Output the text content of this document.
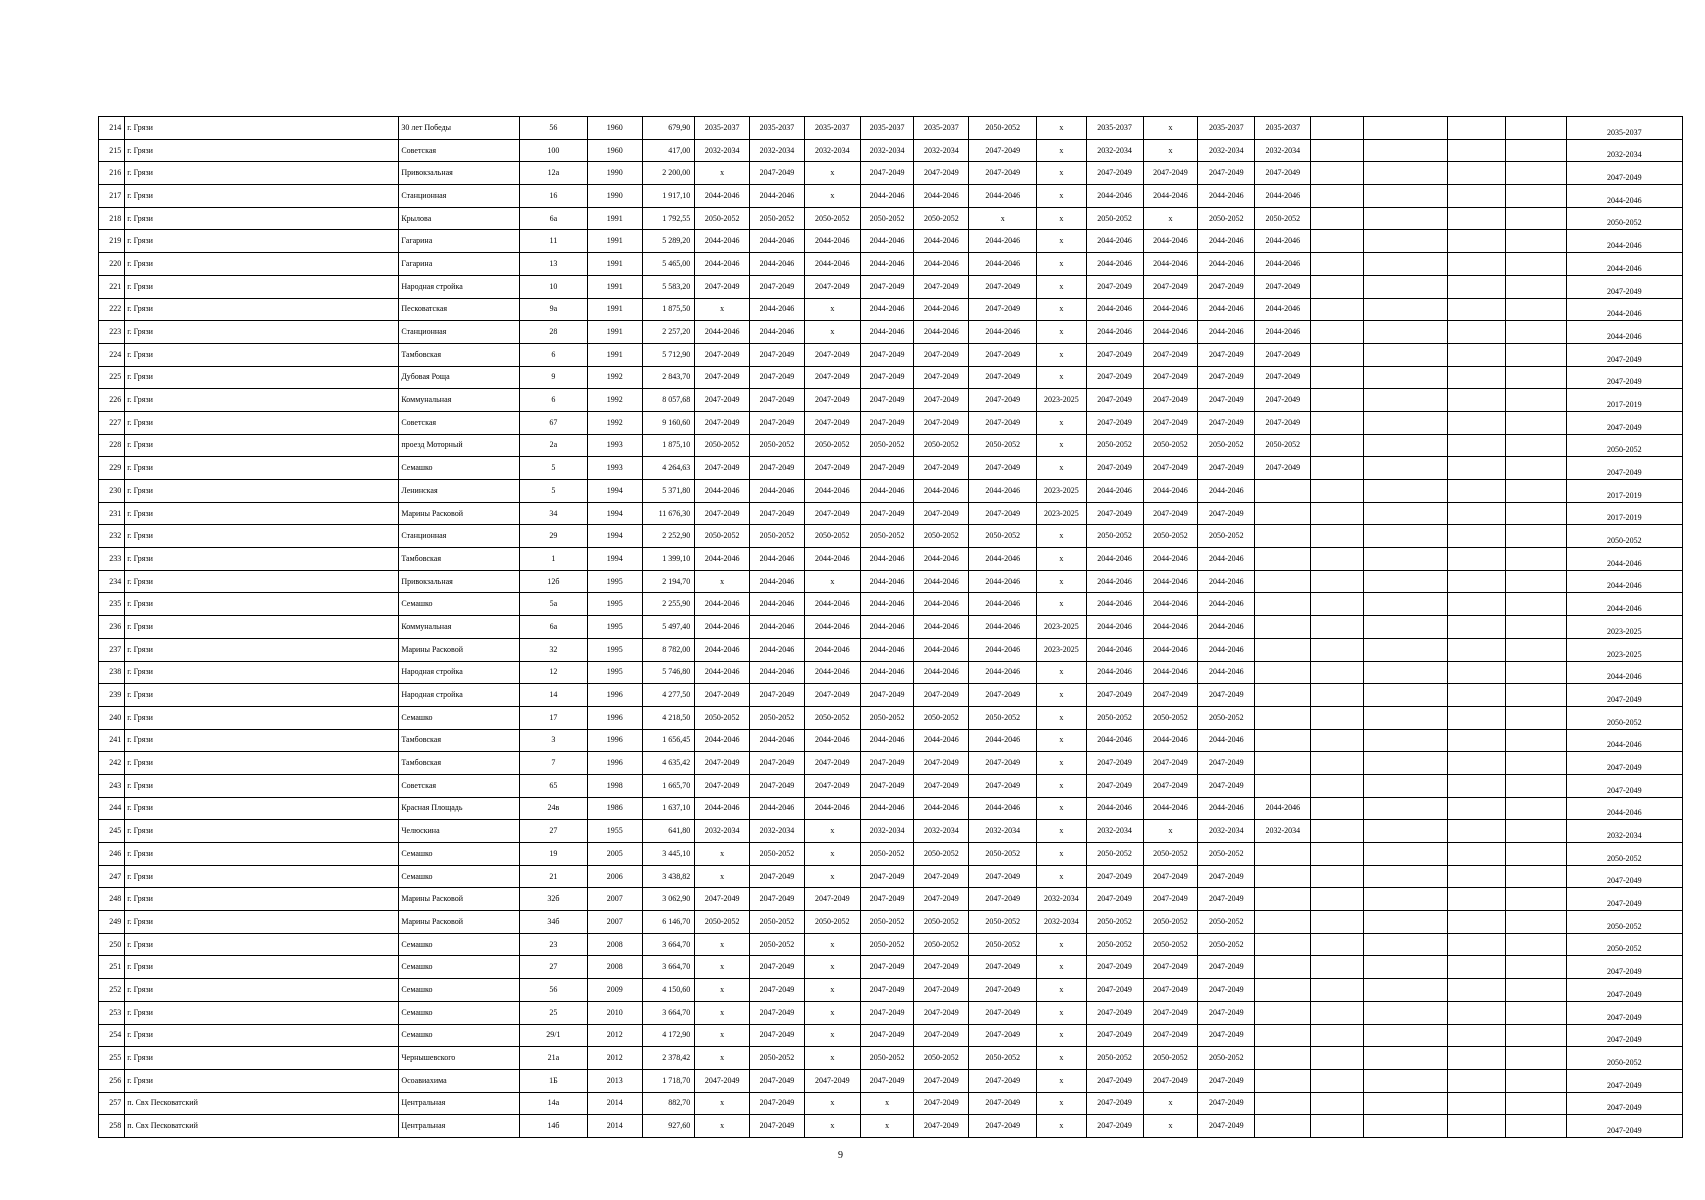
214	г. Грязи	30 лет Победы	56	1960	679,90	2035-2037	2035-2037	2035-2037	2035-2037	2035-2037	2050-2052	x	2035-2037	x	2035-2037	2035-2037					2035-2037
215	г. Грязи	Советская	100	1960	417,00	2032-2034	2032-2034	2032-2034	2032-2034	2032-2034	2047-2049	x	2032-2034	x	2032-2034	2032-2034					2032-2034
216	г. Грязи	Привокзальная	12а	1990	2 200,00	x	2047-2049	x	2047-2049	2047-2049	2047-2049	x	2047-2049	2047-2049	2047-2049	2047-2049					2047-2049
217	г. Грязи	Станционная	16	1990	1 917,10	2044-2046	2044-2046	x	2044-2046	2044-2046	2044-2046	x	2044-2046	2044-2046	2044-2046	2044-2046					2044-2046
218	г. Грязи	Крылова	6а	1991	1 792,55	2050-2052	2050-2052	2050-2052	2050-2052	2050-2052	x	x	2050-2052	x	2050-2052	2050-2052					2050-2052
219	г. Грязи	Гагарина	11	1991	5 289,20	2044-2046	2044-2046	2044-2046	2044-2046	2044-2046	2044-2046	x	2044-2046	2044-2046	2044-2046	2044-2046					2044-2046
220	г. Грязи	Гагарина	13	1991	5 465,00	2044-2046	2044-2046	2044-2046	2044-2046	2044-2046	2044-2046	x	2044-2046	2044-2046	2044-2046	2044-2046					2044-2046
221	г. Грязи	Народная стройка	10	1991	5 583,20	2047-2049	2047-2049	2047-2049	2047-2049	2047-2049	2047-2049	x	2047-2049	2047-2049	2047-2049	2047-2049					2047-2049
222	г. Грязи	Песковатская	9а	1991	1 875,50	x	2044-2046	x	2044-2046	2044-2046	2047-2049	x	2044-2046	2044-2046	2044-2046	2044-2046					2044-2046
223	г. Грязи	Станционная	28	1991	2 257,20	2044-2046	2044-2046	x	2044-2046	2044-2046	2044-2046	x	2044-2046	2044-2046	2044-2046	2044-2046					2044-2046
224	г. Грязи	Тамбовская	6	1991	5 712,90	2047-2049	2047-2049	2047-2049	2047-2049	2047-2049	2047-2049	x	2047-2049	2047-2049	2047-2049	2047-2049					2047-2049
225	г. Грязи	Дубовая Роща	9	1992	2 843,70	2047-2049	2047-2049	2047-2049	2047-2049	2047-2049	2047-2049	x	2047-2049	2047-2049	2047-2049	2047-2049					2047-2049
226	г. Грязи	Коммунальная	6	1992	8 057,68	2047-2049	2047-2049	2047-2049	2047-2049	2047-2049	2047-2049	2023-2025	2047-2049	2047-2049	2047-2049	2047-2049					2017-2019
227	г. Грязи	Советская	67	1992	9 160,60	2047-2049	2047-2049	2047-2049	2047-2049	2047-2049	2047-2049	x	2047-2049	2047-2049	2047-2049	2047-2049					2047-2049
228	г. Грязи	проезд Моторный	2а	1993	1 875,10	2050-2052	2050-2052	2050-2052	2050-2052	2050-2052	2050-2052	x	2050-2052	2050-2052	2050-2052	2050-2052					2050-2052
229	г. Грязи	Семашко	5	1993	4 264,63	2047-2049	2047-2049	2047-2049	2047-2049	2047-2049	2047-2049	x	2047-2049	2047-2049	2047-2049	2047-2049					2047-2049
230	г. Грязи	Ленинская	5	1994	5 371,80	2044-2046	2044-2046	2044-2046	2044-2046	2044-2046	2044-2046	2023-2025	2044-2046	2044-2046	2044-2046						2017-2019
231	г. Грязи	Марины Расковой	34	1994	11 676,30	2047-2049	2047-2049	2047-2049	2047-2049	2047-2049	2047-2049	2023-2025	2047-2049	2047-2049	2047-2049						2017-2019
232	г. Грязи	Станционная	29	1994	2 252,90	2050-2052	2050-2052	2050-2052	2050-2052	2050-2052	2050-2052	x	2050-2052	2050-2052	2050-2052						2050-2052
233	г. Грязи	Тамбовская	1	1994	1 399,10	2044-2046	2044-2046	2044-2046	2044-2046	2044-2046	2044-2046	x	2044-2046	2044-2046	2044-2046						2044-2046
234	г. Грязи	Привокзальная	12б	1995	2 194,70	x	2044-2046	x	2044-2046	2044-2046	2044-2046	x	2044-2046	2044-2046	2044-2046						2044-2046
235	г. Грязи	Семашко	5а	1995	2 255,90	2044-2046	2044-2046	2044-2046	2044-2046	2044-2046	2044-2046	x	2044-2046	2044-2046	2044-2046						2044-2046
236	г. Грязи	Коммунальная	6а	1995	5 497,40	2044-2046	2044-2046	2044-2046	2044-2046	2044-2046	2044-2046	2023-2025	2044-2046	2044-2046	2044-2046						2023-2025
237	г. Грязи	Марины Расковой	32	1995	8 782,00	2044-2046	2044-2046	2044-2046	2044-2046	2044-2046	2044-2046	2023-2025	2044-2046	2044-2046	2044-2046						2023-2025
238	г. Грязи	Народная стройка	12	1995	5 746,80	2044-2046	2044-2046	2044-2046	2044-2046	2044-2046	2044-2046	x	2044-2046	2044-2046	2044-2046						2044-2046
239	г. Грязи	Народная стройка	14	1996	4 277,50	2047-2049	2047-2049	2047-2049	2047-2049	2047-2049	2047-2049	x	2047-2049	2047-2049	2047-2049						2047-2049
240	г. Грязи	Семашко	17	1996	4 218,50	2050-2052	2050-2052	2050-2052	2050-2052	2050-2052	2050-2052	x	2050-2052	2050-2052	2050-2052						2050-2052
241	г. Грязи	Тамбовская	3	1996	1 656,45	2044-2046	2044-2046	2044-2046	2044-2046	2044-2046	2044-2046	x	2044-2046	2044-2046	2044-2046						2044-2046
242	г. Грязи	Тамбовская	7	1996	4 635,42	2047-2049	2047-2049	2047-2049	2047-2049	2047-2049	2047-2049	x	2047-2049	2047-2049	2047-2049						2047-2049
243	г. Грязи	Советская	65	1998	1 665,70	2047-2049	2047-2049	2047-2049	2047-2049	2047-2049	2047-2049	x	2047-2049	2047-2049	2047-2049						2047-2049
244	г. Грязи	Красная Площадь	24в	1986	1 637,10	2044-2046	2044-2046	2044-2046	2044-2046	2044-2046	2044-2046	x	2044-2046	2044-2046	2044-2046	2044-2046					2044-2046
245	г. Грязи	Челюскина	27	1955	641,80	2032-2034	2032-2034	x	2032-2034	2032-2034	2032-2034	x	2032-2034	x	2032-2034	2032-2034					2032-2034
246	г. Грязи	Семашко	19	2005	3 445,10	x	2050-2052	x	2050-2052	2050-2052	2050-2052	x	2050-2052	2050-2052	2050-2052						2050-2052
247	г. Грязи	Семашко	21	2006	3 438,82	x	2047-2049	x	2047-2049	2047-2049	2047-2049	x	2047-2049	2047-2049	2047-2049						2047-2049
248	г. Грязи	Марины Расковой	32б	2007	3 062,90	2047-2049	2047-2049	2047-2049	2047-2049	2047-2049	2047-2049	2032-2034	2047-2049	2047-2049	2047-2049						2047-2049
249	г. Грязи	Марины Расковой	34б	2007	6 146,70	2050-2052	2050-2052	2050-2052	2050-2052	2050-2052	2050-2052	2032-2034	2050-2052	2050-2052	2050-2052						2050-2052
250	г. Грязи	Семашко	23	2008	3 664,70	x	2050-2052	x	2050-2052	2050-2052	2050-2052	x	2050-2052	2050-2052	2050-2052						2050-2052
251	г. Грязи	Семашко	27	2008	3 664,70	x	2047-2049	x	2047-2049	2047-2049	2047-2049	x	2047-2049	2047-2049	2047-2049						2047-2049
252	г. Грязи	Семашко	56	2009	4 150,60	x	2047-2049	x	2047-2049	2047-2049	2047-2049	x	2047-2049	2047-2049	2047-2049						2047-2049
253	г. Грязи	Семашко	25	2010	3 664,70	x	2047-2049	x	2047-2049	2047-2049	2047-2049	x	2047-2049	2047-2049	2047-2049						2047-2049
254	г. Грязи	Семашко	29/1	2012	4 172,90	x	2047-2049	x	2047-2049	2047-2049	2047-2049	x	2047-2049	2047-2049	2047-2049						2047-2049
255	г. Грязи	Чернышевского	21а	2012	2 378,42	x	2050-2052	x	2050-2052	2050-2052	2050-2052	x	2050-2052	2050-2052	2050-2052						2050-2052
256	г. Грязи	Осоавиахима	1Б	2013	1 718,70	2047-2049	2047-2049	2047-2049	2047-2049	2047-2049	2047-2049	x	2047-2049	2047-2049	2047-2049						2047-2049
257	п. Свх Песковатский	Центральная	14а	2014	882,70	x	2047-2049	x	x	2047-2049	2047-2049	x	2047-2049	x	2047-2049						2047-2049
258	п. Свх Песковатский	Центральная	14б	2014	927,60	x	2047-2049	x	x	2047-2049	2047-2049	x	2047-2049	x	2047-2049						2047-2049
9
